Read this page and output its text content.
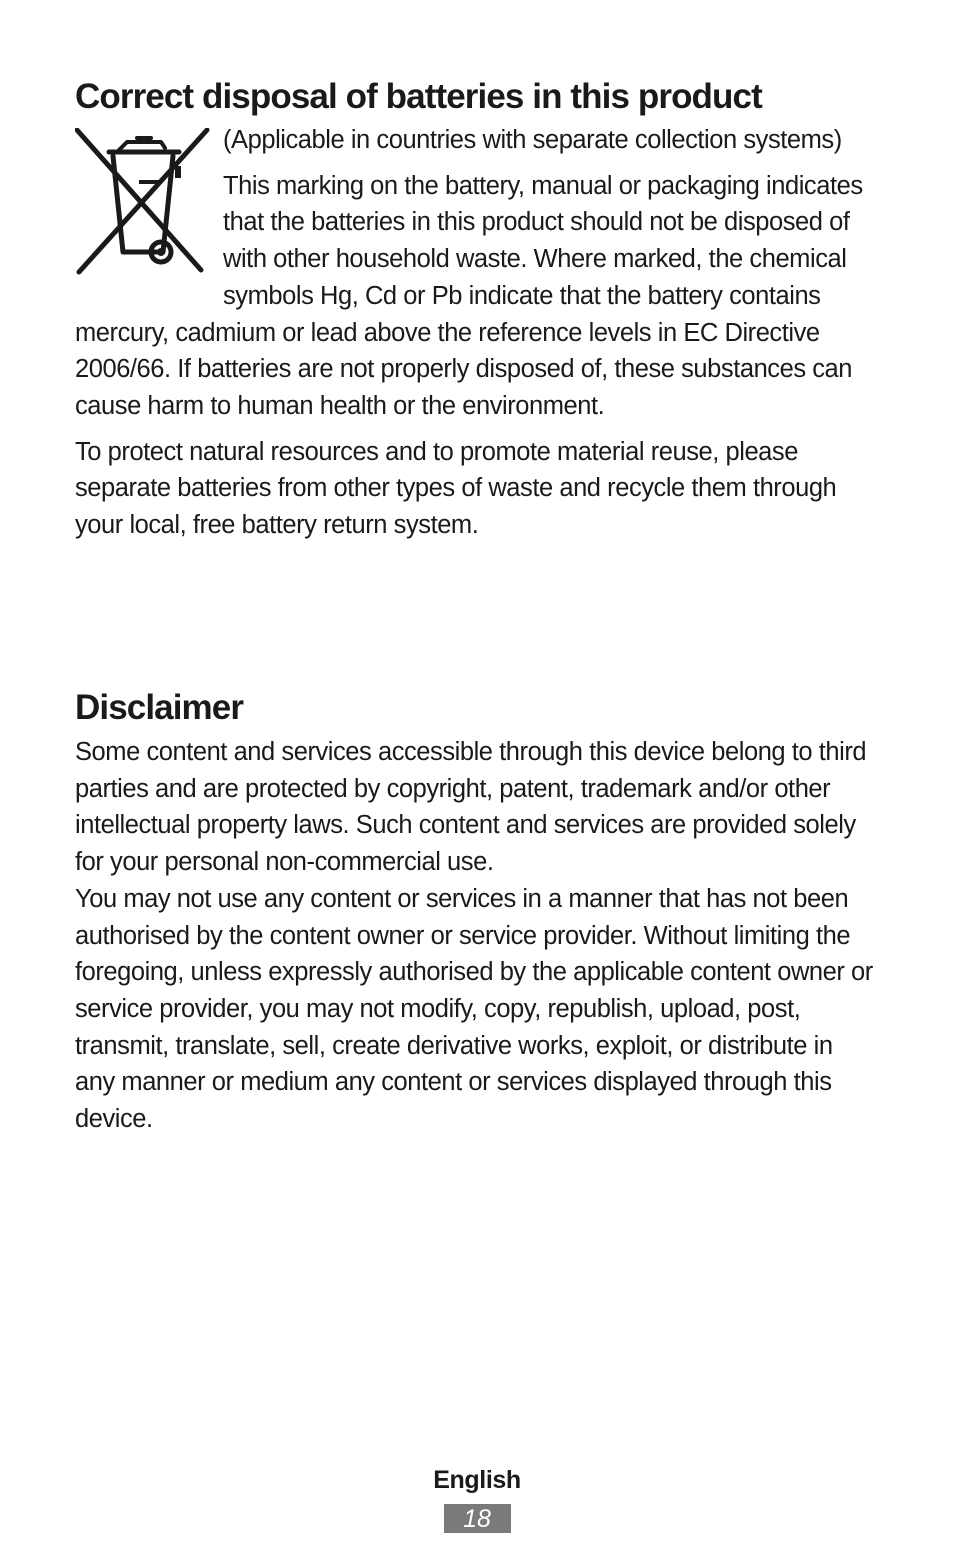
Correct disposal of batteries in this product

(Applicable in countries with separate collection systems)

This marking on the battery, manual or packaging indicates that the batteries in this product should not be disposed of with other household waste. Where marked, the chemical symbols Hg, Cd or Pb indicate that the battery contains mercury, cadmium or lead above the reference levels in EC Directive 2006/66. If batteries are not properly disposed of, these substances can cause harm to human health or the environment.

To protect natural resources and to promote material reuse, please separate batteries from other types of waste and recycle them through your local, free battery return system.

Disclaimer

Some content and services accessible through this device belong to third parties and are protected by copyright, patent, trademark and/or other intellectual property laws. Such content and services are provided solely for your personal non-commercial use.

You may not use any content or services in a manner that has not been authorised by the content owner or service provider. Without limiting the foregoing, unless expressly authorised by the applicable content owner or service provider, you may not modify, copy, republish, upload, post, transmit, translate, sell, create derivative works, exploit, or distribute in any manner or medium any content or services displayed through this device.

English
18
